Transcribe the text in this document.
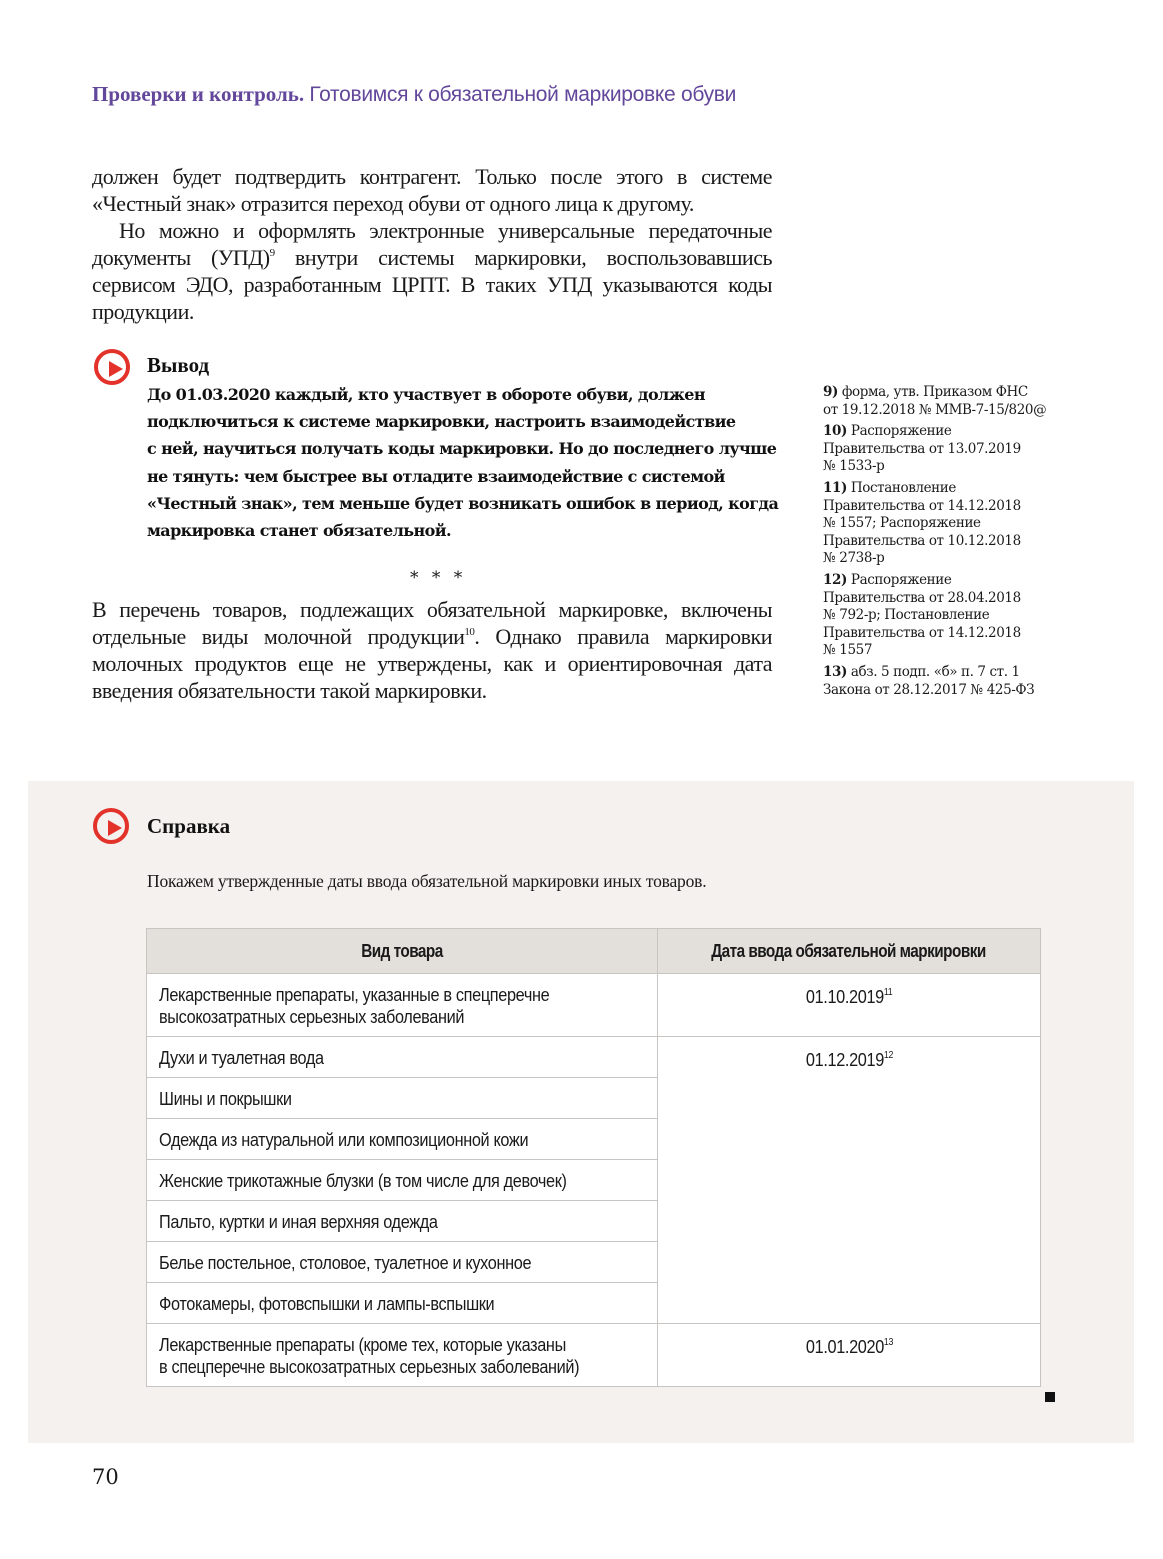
Проверки и контроль. Готовимся к обязательной маркировке обуви

должен будет подтвердить контрагент. Только после этого в системе «Честный знак» отразится переход обуви от одного лица к другому.

Но можно и оформлять электронные универсальные передаточные документы (УПД)$^9$ внутри системы маркировки, воспользовавшись сервисом ЭДО, разработанным ЦРПТ. В таких УПД указываются коды продукции.

Вывод
До 01.03.2020 каждый, кто участвует в обороте обуви, должен
подключиться к системе маркировки, настроить взаимодействие
с ней, научиться получать коды маркировки. Но до последнего лучше
не тянуть: чем быстрее вы отладите взаимодействие с системой
«Честный знак», тем меньше будет возникать ошибок в период, когда
маркировка станет обязательной.
* * *

В перечень товаров, подлежащих обязательной маркировке, включены отдельные виды молочной продукции$^{10}$. Однако правила маркировки молочных продуктов еще не утверждены, как и ориентировочная дата введения обязательности такой маркировки.

9) форма, утв. Приказом ФНС
от 19.12.2018 № ММВ-7-15/820@
10) Распоряжение
Правительства от 13.07.2019
№ 1533-р
11) Постановление
Правительства от 14.12.2018
№ 1557; Распоряжение
Правительства от 10.12.2018
№ 2738-р
12) Распоряжение
Правительства от 28.04.2018
№ 792-р; Постановление
Правительства от 14.12.2018
№ 1557
13) абз. 5 подп. «б» п. 7 ст. 1
Закона от 28.12.2017 № 425-ФЗ
Справка
Покажем утвержденные даты ввода обязательной маркировки иных товаров.
Вид товара	Дата ввода обязательной маркировки
Лекарственные препараты, указанные в спецперечне
высокозатратных серьезных заболеваний	01.10.2019$^{11}$
Духи и туалетная вода	01.12.2019$^{12}$
Шины и покрышки	
Одежда из натуральной или композиционной кожи	
Женские трикотажные блузки (в том числе для девочек)	
Пальто, куртки и иная верхняя одежда	
Белье постельное, столовое, туалетное и кухонное	
Фотокамеры, фотовспышки и лампы-вспышки	
Лекарственные препараты (кроме тех, которые указаны
в спецперечне высокозатратных серьезных заболеваний)	01.01.2020$^{13}$
70
